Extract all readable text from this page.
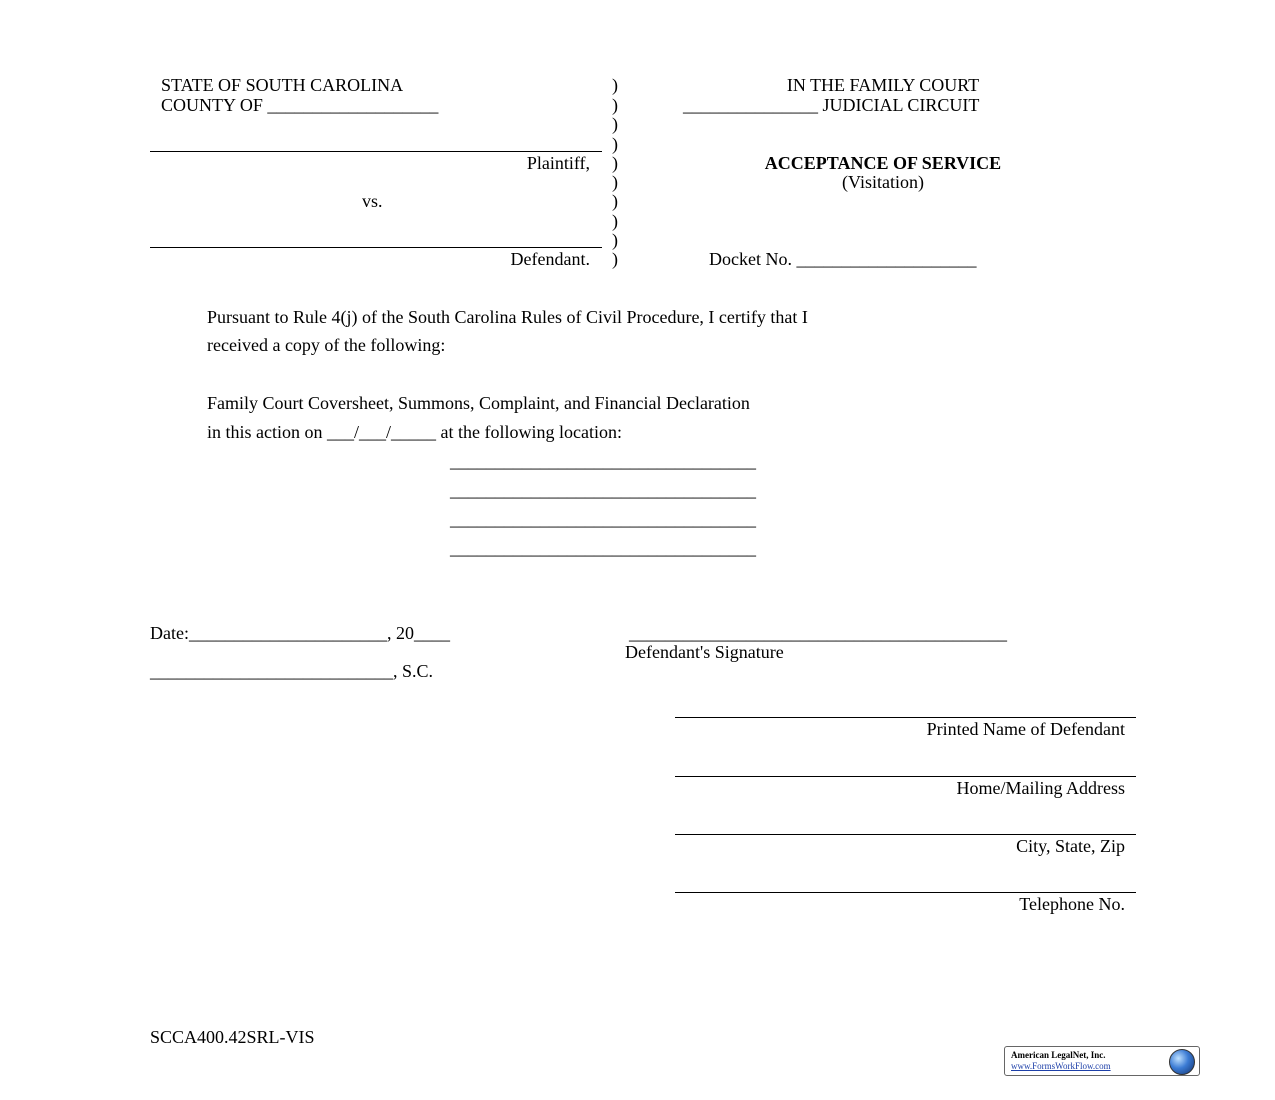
STATE OF SOUTH CAROLINA
COUNTY OF ___________________
Plaintiff,
vs.
Defendant.
)
)
)
)
)
)
)
)
)
)
IN THE FAMILY COURT
_______________ JUDICIAL CIRCUIT
ACCEPTANCE OF SERVICE
(Visitation)
Docket No. ____________________
Pursuant to Rule 4(j) of the South Carolina Rules of Civil Procedure, I certify that I
received a copy of the following:
Family Court Coversheet, Summons, Complaint, and Financial Declaration
in this action on ___/___/_____ at the following location:
__________________________________
__________________________________
__________________________________
__________________________________
Date:______________________, 20____	__________________________________________
Defendant's Signature
___________________________, S.C.
Printed Name of Defendant
Home/Mailing Address
City, State, Zip
Telephone No.
SCCA400.42SRL-VIS
American LegalNet, Inc.
www.FormsWorkFlow.com
